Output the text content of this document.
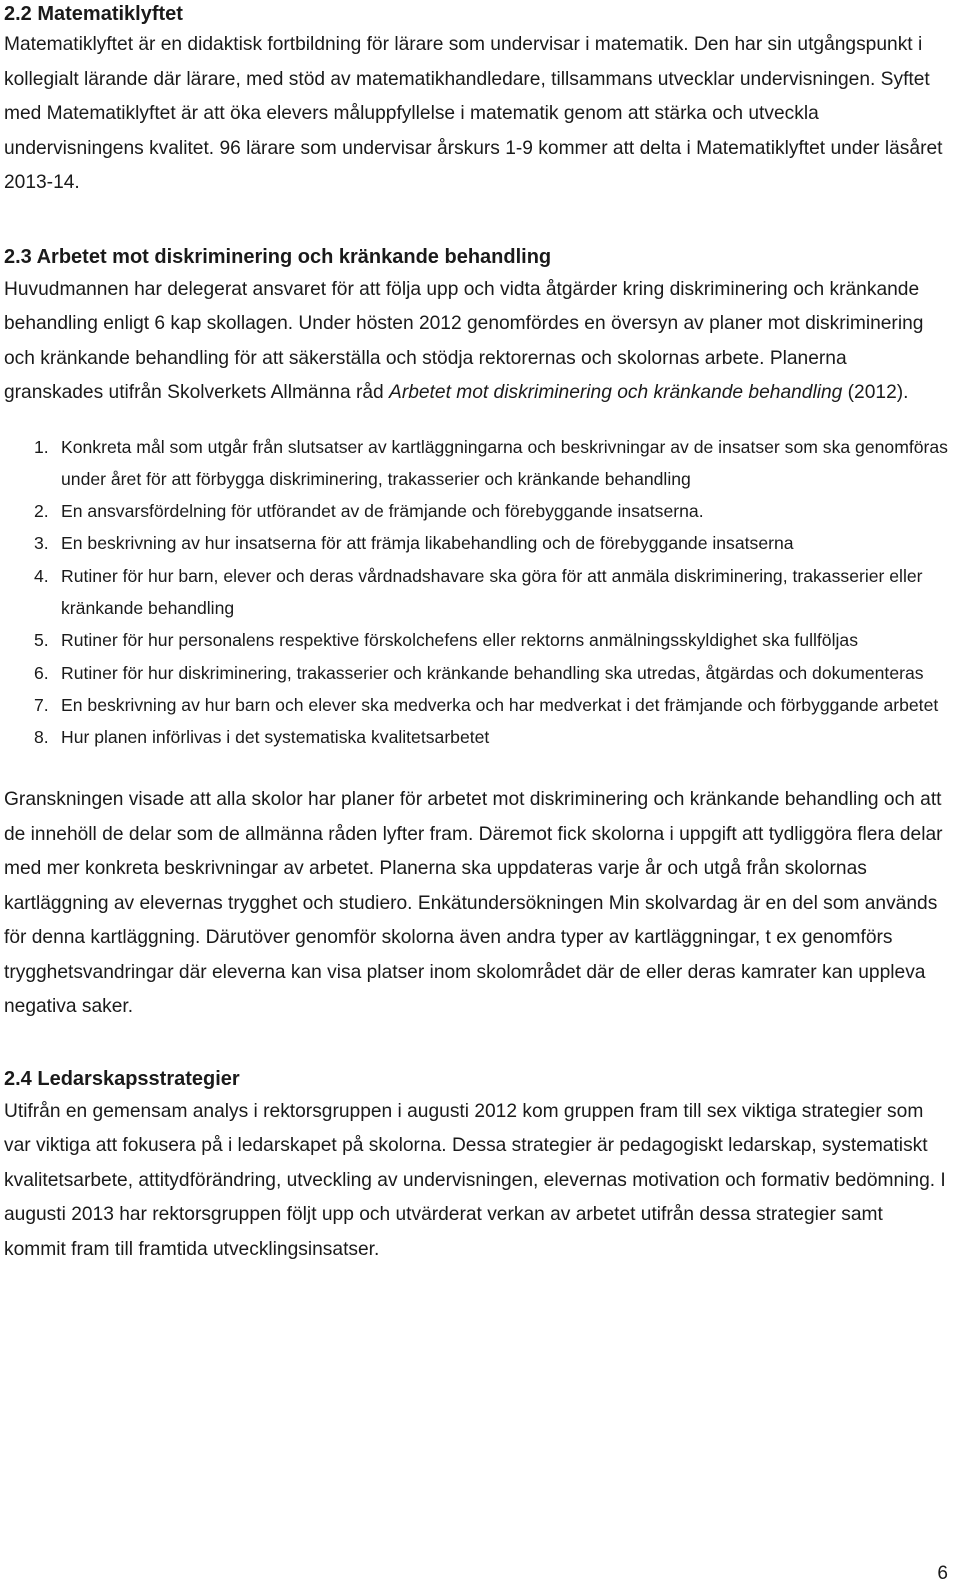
2.2 Matematiklyftet

Matematiklyftet är en didaktisk fortbildning för lärare som undervisar i matematik. Den har sin utgångspunkt i kollegialt lärande där lärare, med stöd av matematikhandledare, tillsammans utvecklar undervisningen. Syftet med Matematiklyftet är att öka elevers måluppfyllelse i matematik genom att stärka och utveckla undervisningens kvalitet. 96 lärare som undervisar årskurs 1-9 kommer att delta i Matematiklyftet under läsåret 2013-14.

2.3 Arbetet mot diskriminering och kränkande behandling

Huvudmannen har delegerat ansvaret för att följa upp och vidta åtgärder kring diskriminering och kränkande behandling enligt 6 kap skollagen. Under hösten 2012 genomfördes en översyn av planer mot diskriminering och kränkande behandling för att säkerställa och stödja rektorernas och skolornas arbete. Planerna granskades utifrån Skolverkets Allmänna råd Arbetet mot diskriminering och kränkande behandling (2012).

1. Konkreta mål som utgår från slutsatser av kartläggningarna och beskrivningar av de insatser som ska genomföras under året för att förbygga diskriminering, trakasserier och kränkande behandling
2. En ansvarsfördelning för utförandet av de främjande och förebyggande insatserna.
3. En beskrivning av hur insatserna för att främja likabehandling och de förebyggande insatserna
4. Rutiner för hur barn, elever och deras vårdnadshavare ska göra för att anmäla diskriminering, trakasserier eller kränkande behandling
5. Rutiner för hur personalens respektive förskolchefens eller rektorns anmälningsskyldighet ska fullföljas
6. Rutiner för hur diskriminering, trakasserier och kränkande behandling ska utredas, åtgärdas och dokumenteras
7. En beskrivning av hur barn och elever ska medverka och har medverkat i det främjande och förbyggande arbetet
8. Hur planen införlivas i det systematiska kvalitetsarbetet

Granskningen visade att alla skolor har planer för arbetet mot diskriminering och kränkande behandling och att de innehöll de delar som de allmänna råden lyfter fram. Däremot fick skolorna i uppgift att tydliggöra flera delar med mer konkreta beskrivningar av arbetet. Planerna ska uppdateras varje år och utgå från skolornas kartläggning av elevernas trygghet och studiero. Enkätundersökningen Min skolvardag är en del som används för denna kartläggning. Därutöver genomför skolorna även andra typer av kartläggningar, t ex genomförs trygghetsvandringar där eleverna kan visa platser inom skolområdet där de eller deras kamrater kan uppleva negativa saker.

2.4 Ledarskapsstrategier

Utifrån en gemensam analys i rektorsgruppen i augusti 2012 kom gruppen fram till sex viktiga strategier som var viktiga att fokusera på i ledarskapet på skolorna. Dessa strategier är pedagogiskt ledarskap, systematiskt kvalitetsarbete, attitydförändring, utveckling av undervisningen, elevernas motivation och formativ bedömning. I augusti 2013 har rektorsgruppen följt upp och utvärderat verkan av arbetet utifrån dessa strategier samt kommit fram till framtida utvecklingsinsatser.

6
